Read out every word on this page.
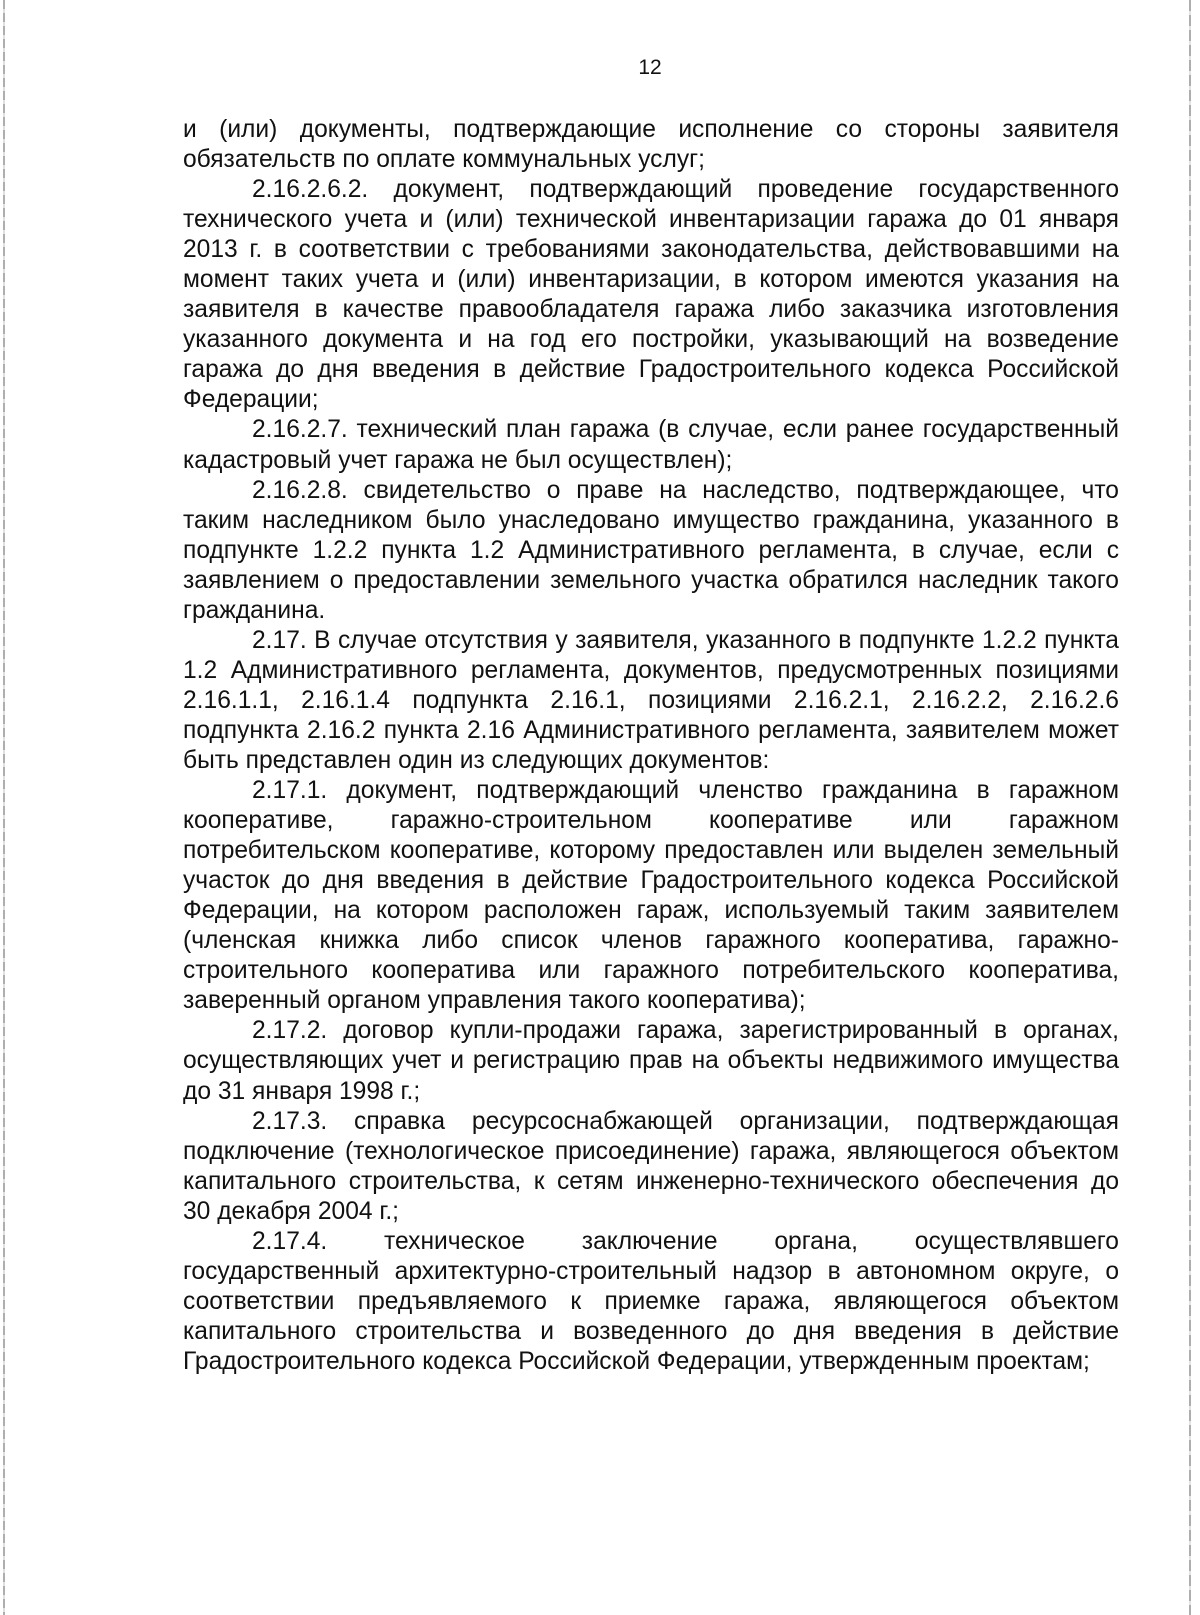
12

и (или) документы, подтверждающие исполнение со стороны заявителя обязательств по оплате коммунальных услуг;

2.16.2.6.2. документ, подтверждающий проведение государственного технического учета и (или) технической инвентаризации гаража до 01 января 2013 г. в соответствии с требованиями законодательства, действовавшими на момент таких учета и (или) инвентаризации, в котором имеются указания на заявителя в качестве правообладателя гаража либо заказчика изготовления указанного документа и на год его постройки, указывающий на возведение гаража до дня введения в действие Градостроительного кодекса Российской Федерации;

2.16.2.7. технический план гаража (в случае, если ранее государственный кадастровый учет гаража не был осуществлен);

2.16.2.8. свидетельство о праве на наследство, подтверждающее, что таким наследником было унаследовано имущество гражданина, указанного в подпункте 1.2.2 пункта 1.2 Административного регламента, в случае, если с заявлением о предоставлении земельного участка обратился наследник такого гражданина.

2.17. В случае отсутствия у заявителя, указанного в подпункте 1.2.2 пункта 1.2 Административного регламента, документов, предусмотренных позициями 2.16.1.1, 2.16.1.4 подпункта 2.16.1, позициями 2.16.2.1, 2.16.2.2, 2.16.2.6 подпункта 2.16.2 пункта 2.16 Административного регламента, заявителем может быть представлен один из следующих документов:

2.17.1. документ, подтверждающий членство гражданина в гаражном кооперативе, гаражно-строительном кооперативе или гаражном потребительском кооперативе, которому предоставлен или выделен земельный участок до дня введения в действие Градостроительного кодекса Российской Федерации, на котором расположен гараж, используемый таким заявителем (членская книжка либо список членов гаражного кооператива, гаражно-строительного кооператива или гаражного потребительского кооператива, заверенный органом управления такого кооператива);

2.17.2. договор купли-продажи гаража, зарегистрированный в органах, осуществляющих учет и регистрацию прав на объекты недвижимого имущества до 31 января 1998 г.;

2.17.3. справка ресурсоснабжающей организации, подтверждающая подключение (технологическое присоединение) гаража, являющегося объектом капитального строительства, к сетям инженерно-технического обеспечения до 30 декабря 2004 г.;

2.17.4. техническое заключение органа, осуществлявшего государственный архитектурно-строительный надзор в автономном округе, о соответствии предъявляемого к приемке гаража, являющегося объектом капитального строительства и возведенного до дня введения в действие Градостроительного кодекса Российской Федерации, утвержденным проектам;
